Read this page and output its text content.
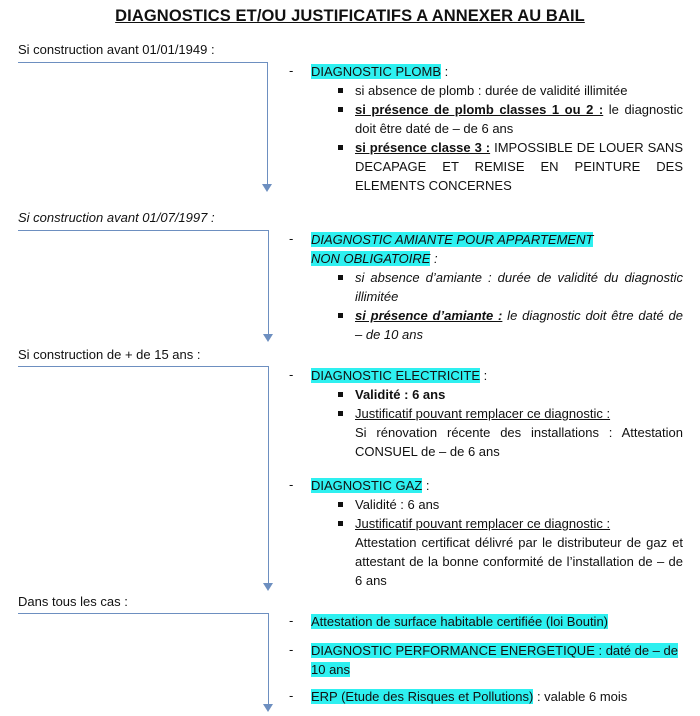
DIAGNOSTICS ET/OU JUSTIFICATIFS A ANNEXER AU BAIL
Si construction avant 01/01/1949 :
- DIAGNOSTIC PLOMB :
si absence de plomb : durée de validité illimitée
si présence de plomb classes 1 ou 2 : le diagnostic doit être daté de – de 6 ans
si présence classe 3 : IMPOSSIBLE DE LOUER SANS DECAPAGE ET REMISE EN PEINTURE DES ELEMENTS CONCERNES
Si construction avant 01/07/1997 :
- DIAGNOSTIC AMIANTE POUR APPARTEMENT NON OBLIGATOIRE :
si absence d’amiante : durée de validité du diagnostic illimitée
si présence d’amiante : le diagnostic doit être daté de – de 10 ans
Si construction de + de 15 ans :
- DIAGNOSTIC ELECTRICITE :
Validité : 6 ans
Justificatif pouvant remplacer ce diagnostic :
Si rénovation récente des installations : Attestation CONSUEL de – de 6 ans
- DIAGNOSTIC GAZ :
Validité : 6 ans
Justificatif pouvant remplacer ce diagnostic :
Attestation certificat délivré par le distributeur de gaz et attestant de la bonne conformité de l’installation de – de 6 ans
Dans tous les cas :
- Attestation de surface habitable certifiée (loi Boutin)
- DIAGNOSTIC PERFORMANCE ENERGETIQUE : daté de – de 10 ans
- ERP (Etude des Risques et Pollutions) : valable 6 mois
